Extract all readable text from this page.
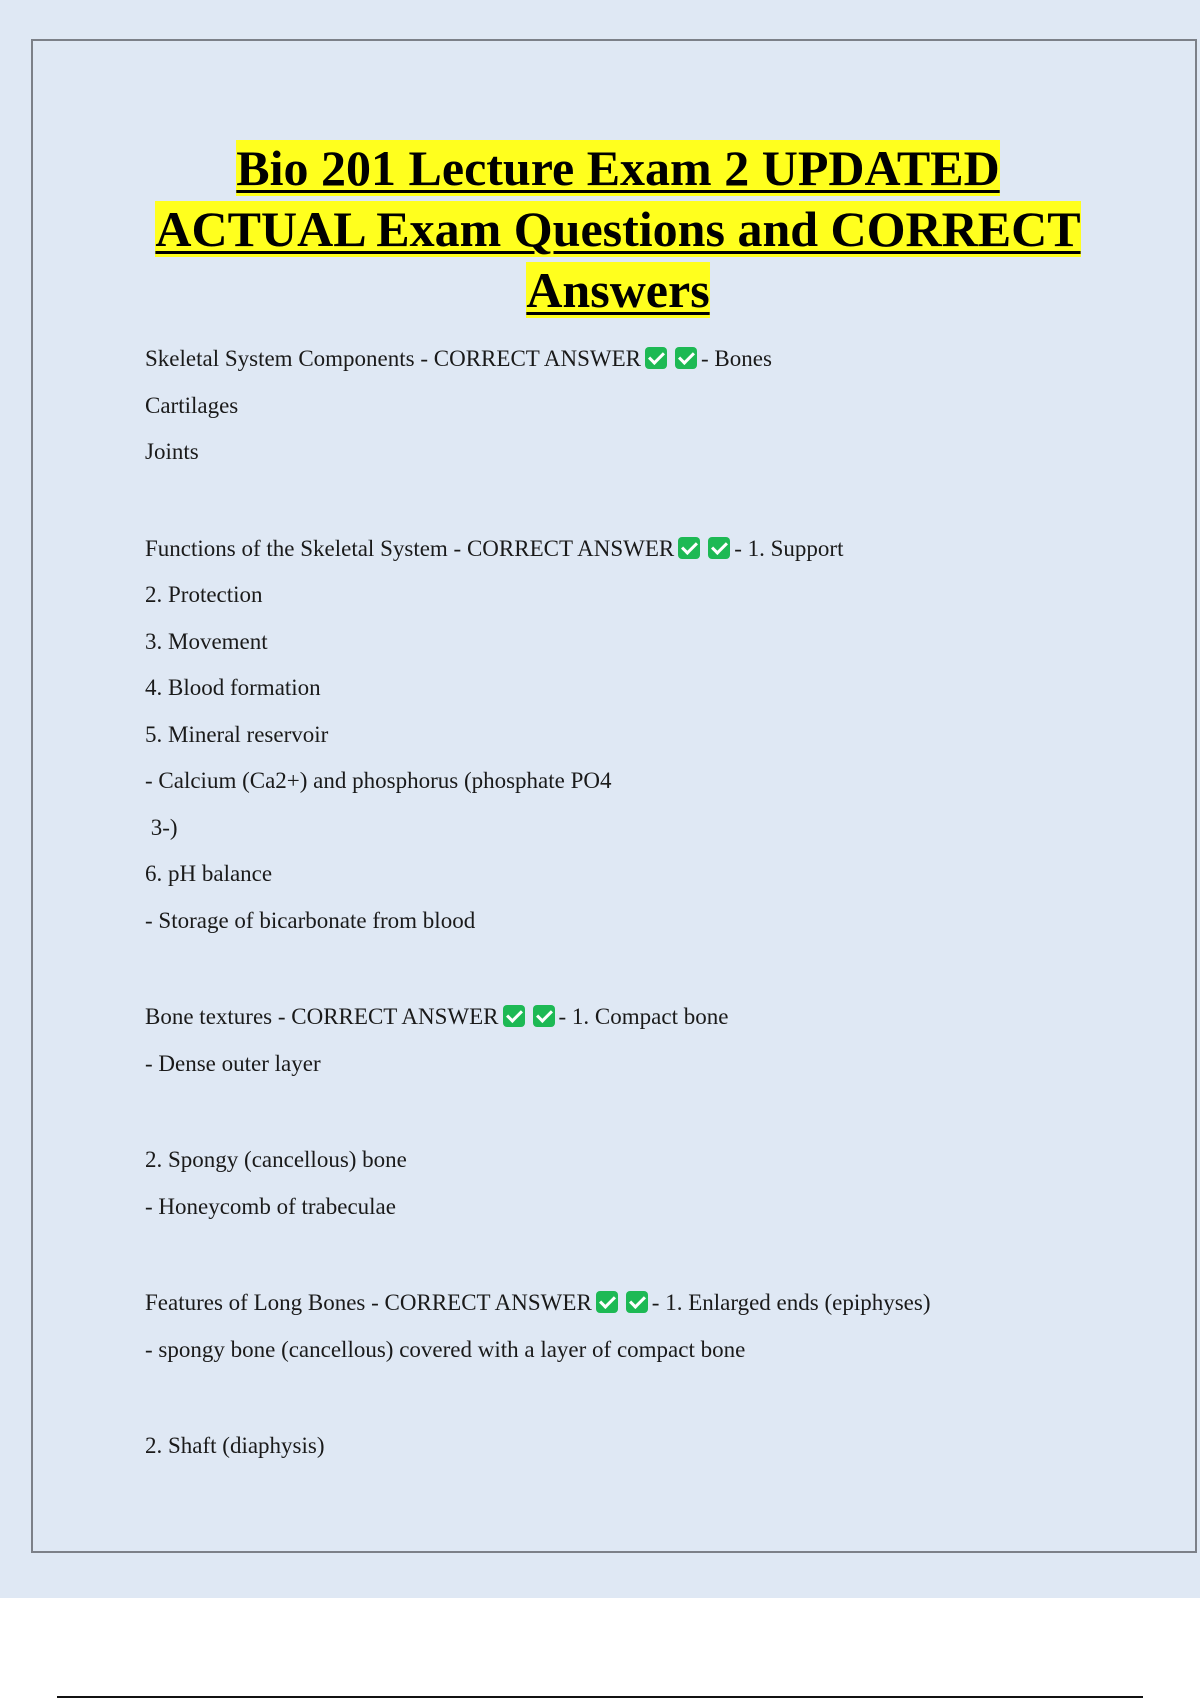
Bio 201 Lecture Exam 2 UPDATED
ACTUAL Exam Questions and CORRECT
Answers
Skeletal System Components - CORRECT ANSWER	- Bones
Cartilages
Joints
Functions of the Skeletal System - CORRECT ANSWER	- 1. Support
2. Protection
3. Movement
4. Blood formation
5. Mineral reservoir
- Calcium (Ca2+) and phosphorus (phosphate PO4
3-)
6. pH balance
- Storage of bicarbonate from blood
Bone textures - CORRECT ANSWER	- 1. Compact bone
- Dense outer layer
2. Spongy (cancellous) bone
- Honeycomb of trabeculae
Features of Long Bones - CORRECT ANSWER	- 1. Enlarged ends (epiphyses)
- spongy bone (cancellous) covered with a layer of compact bone
2. Shaft (diaphysis)
